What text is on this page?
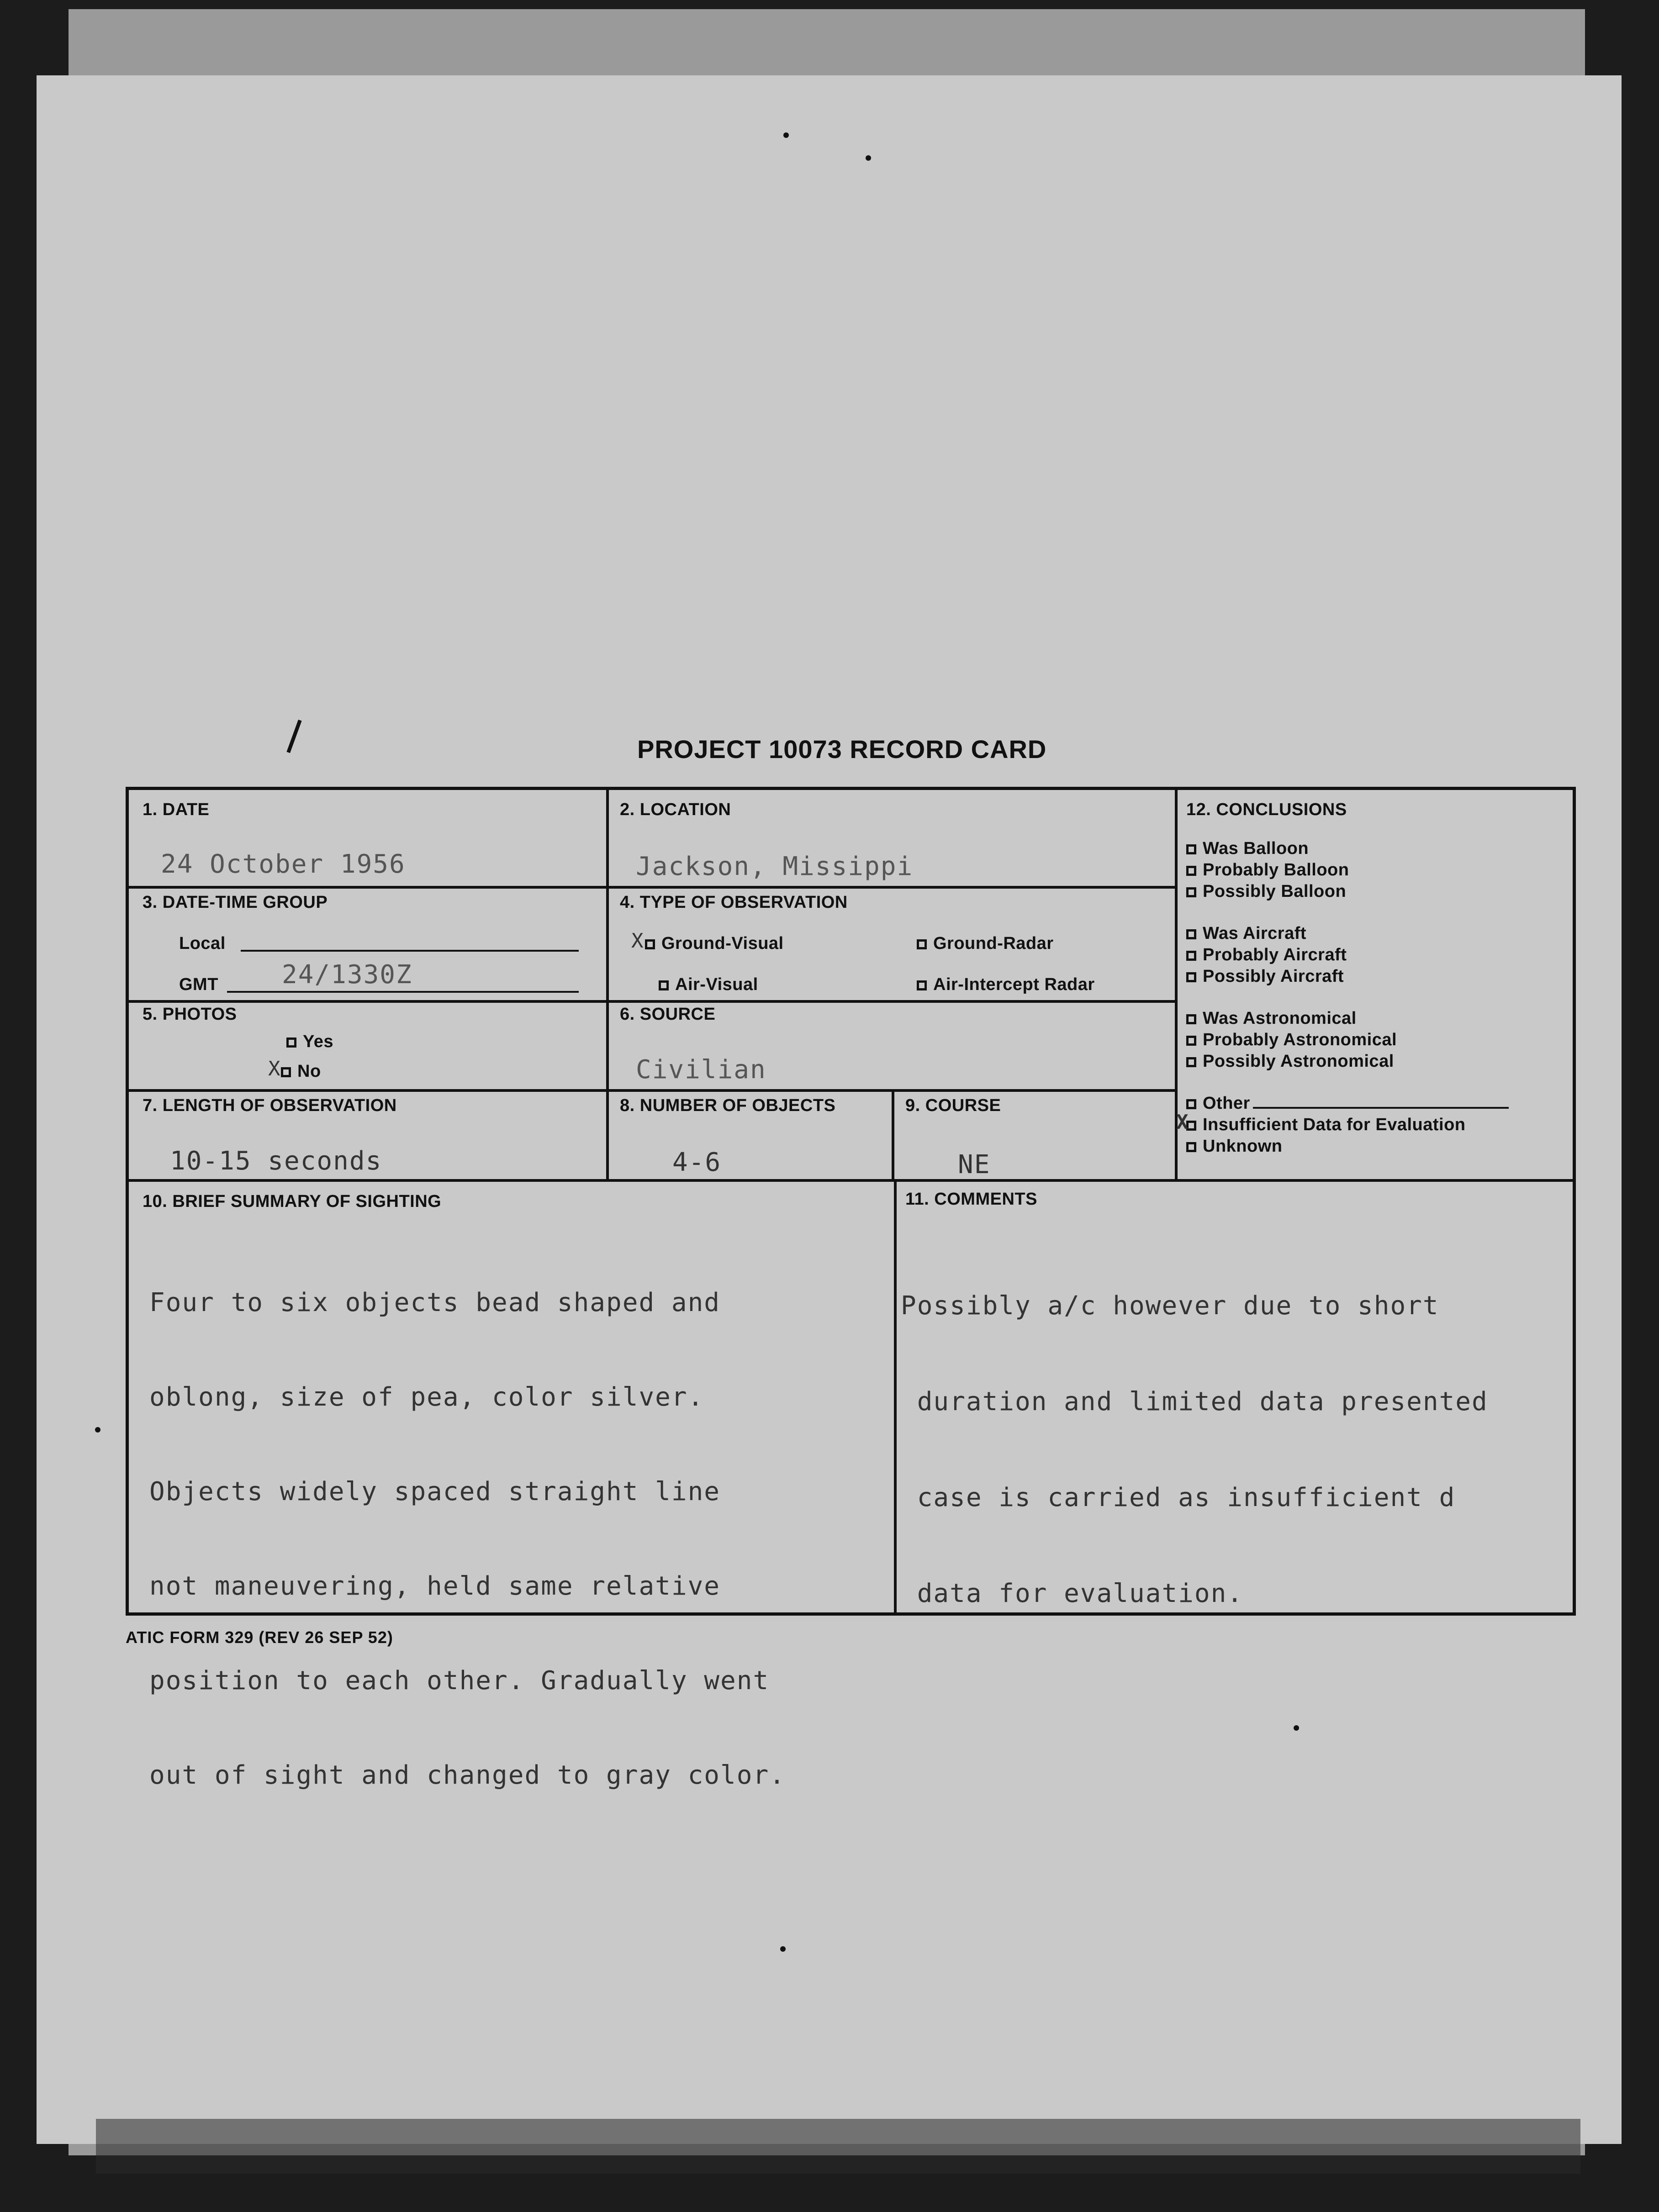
PROJECT 10073 RECORD CARD
1. DATE
24 October 1956
2. LOCATION
Jackson, Missippi
3. DATE-TIME GROUP
Local
GMT 24/1330Z
4. TYPE OF OBSERVATION
X	Ground-Visual	Ground-Radar
Air-Visual	Air-Intercept Radar
5. PHOTOS
Yes
X No
6. SOURCE
Civilian
7. LENGTH OF OBSERVATION
10-15 seconds
8. NUMBER OF OBJECTS
4-6
9. COURSE
NE
10. BRIEF SUMMARY OF SIGHTING

Four to six objects bead shaped and

oblong, size of pea, color silver.

Objects widely spaced straight line

not maneuvering, held same relative

position to each other. Gradually went

out of sight and changed to gray color.

11. COMMENTS

Possibly a/c however due to short

duration and limited data presented

case is carried as insufficient d

data for evaluation.

12. CONCLUSIONS
Was Balloon
Probably Balloon
Possibly Balloon
Was Aircraft
Probably Aircraft
Possibly Aircraft
Was Astronomical
Probably Astronomical
Possibly Astronomical
Other
X Insufficient Data for Evaluation
Unknown
ATIC FORM 329 (REV 26 SEP 52)
